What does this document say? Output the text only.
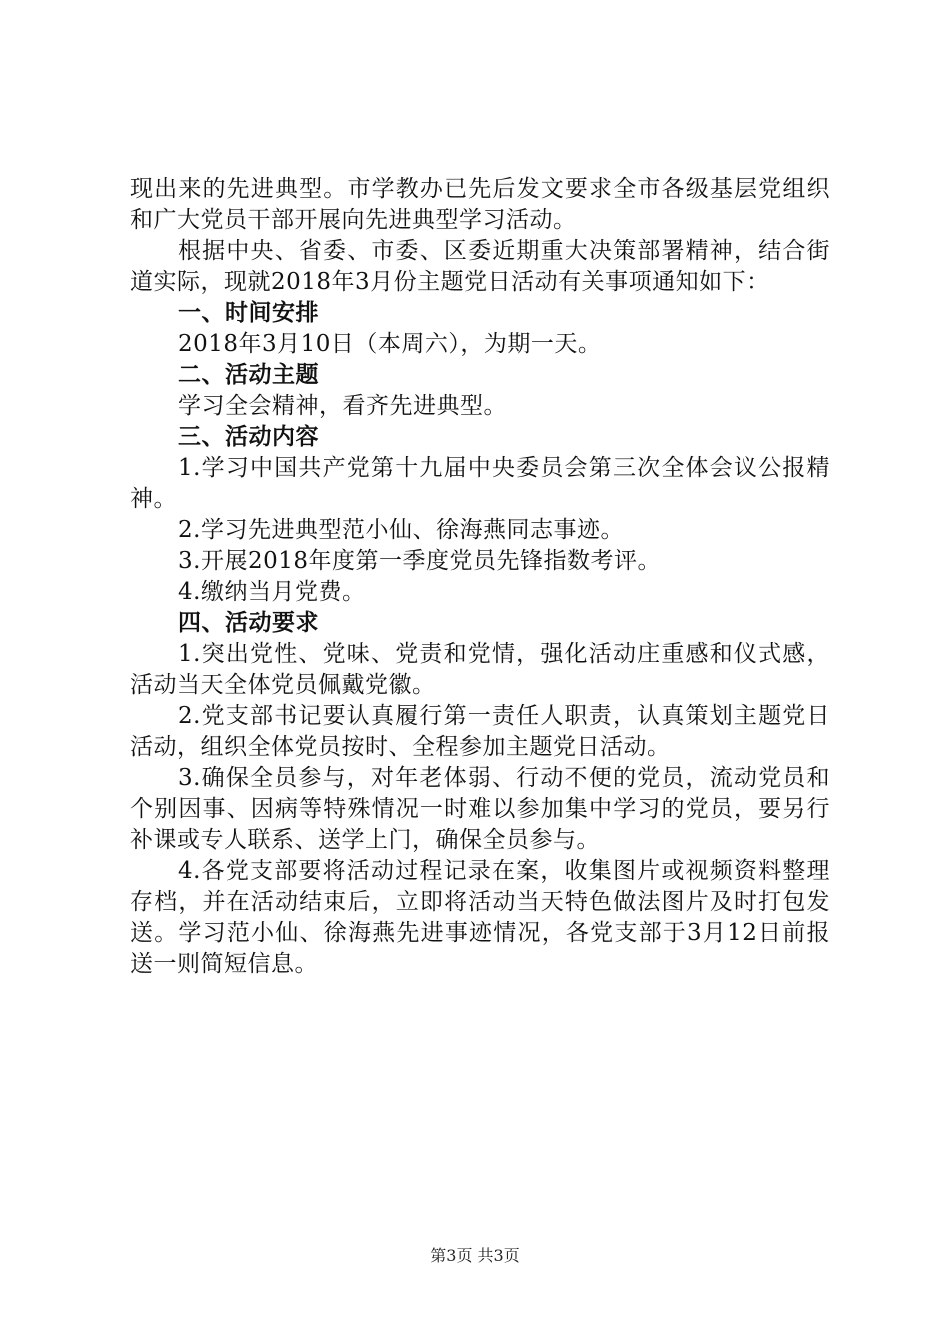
现出来的先进典型。市学教办已先后发文要求全市各级基层党组织和广大党员干部开展向先进典型学习活动。

根据中央、省委、市委、区委近期重大决策部署精神，结合街道实际，现就2018年3月份主题党日活动有关事项通知如下：

一、时间安排

2018年3月10日（本周六），为期一天。

二、活动主题

学习全会精神，看齐先进典型。

三、活动内容

1.学习中国共产党第十九届中央委员会第三次全体会议公报精神。

2.学习先进典型范小仙、徐海燕同志事迹。

3.开展2018年度第一季度党员先锋指数考评。

4.缴纳当月党费。

四、活动要求

1.突出党性、党味、党责和党情，强化活动庄重感和仪式感，活动当天全体党员佩戴党徽。

2.党支部书记要认真履行第一责任人职责，认真策划主题党日活动，组织全体党员按时、全程参加主题党日活动。

3.确保全员参与，对年老体弱、行动不便的党员，流动党员和个别因事、因病等特殊情况一时难以参加集中学习的党员，要另行补课或专人联系、送学上门，确保全员参与。

4.各党支部要将活动过程记录在案，收集图片或视频资料整理存档，并在活动结束后，立即将活动当天特色做法图片及时打包发送。学习范小仙、徐海燕先进事迹情况，各党支部于3月12日前报送一则简短信息。

第3页 共3页
